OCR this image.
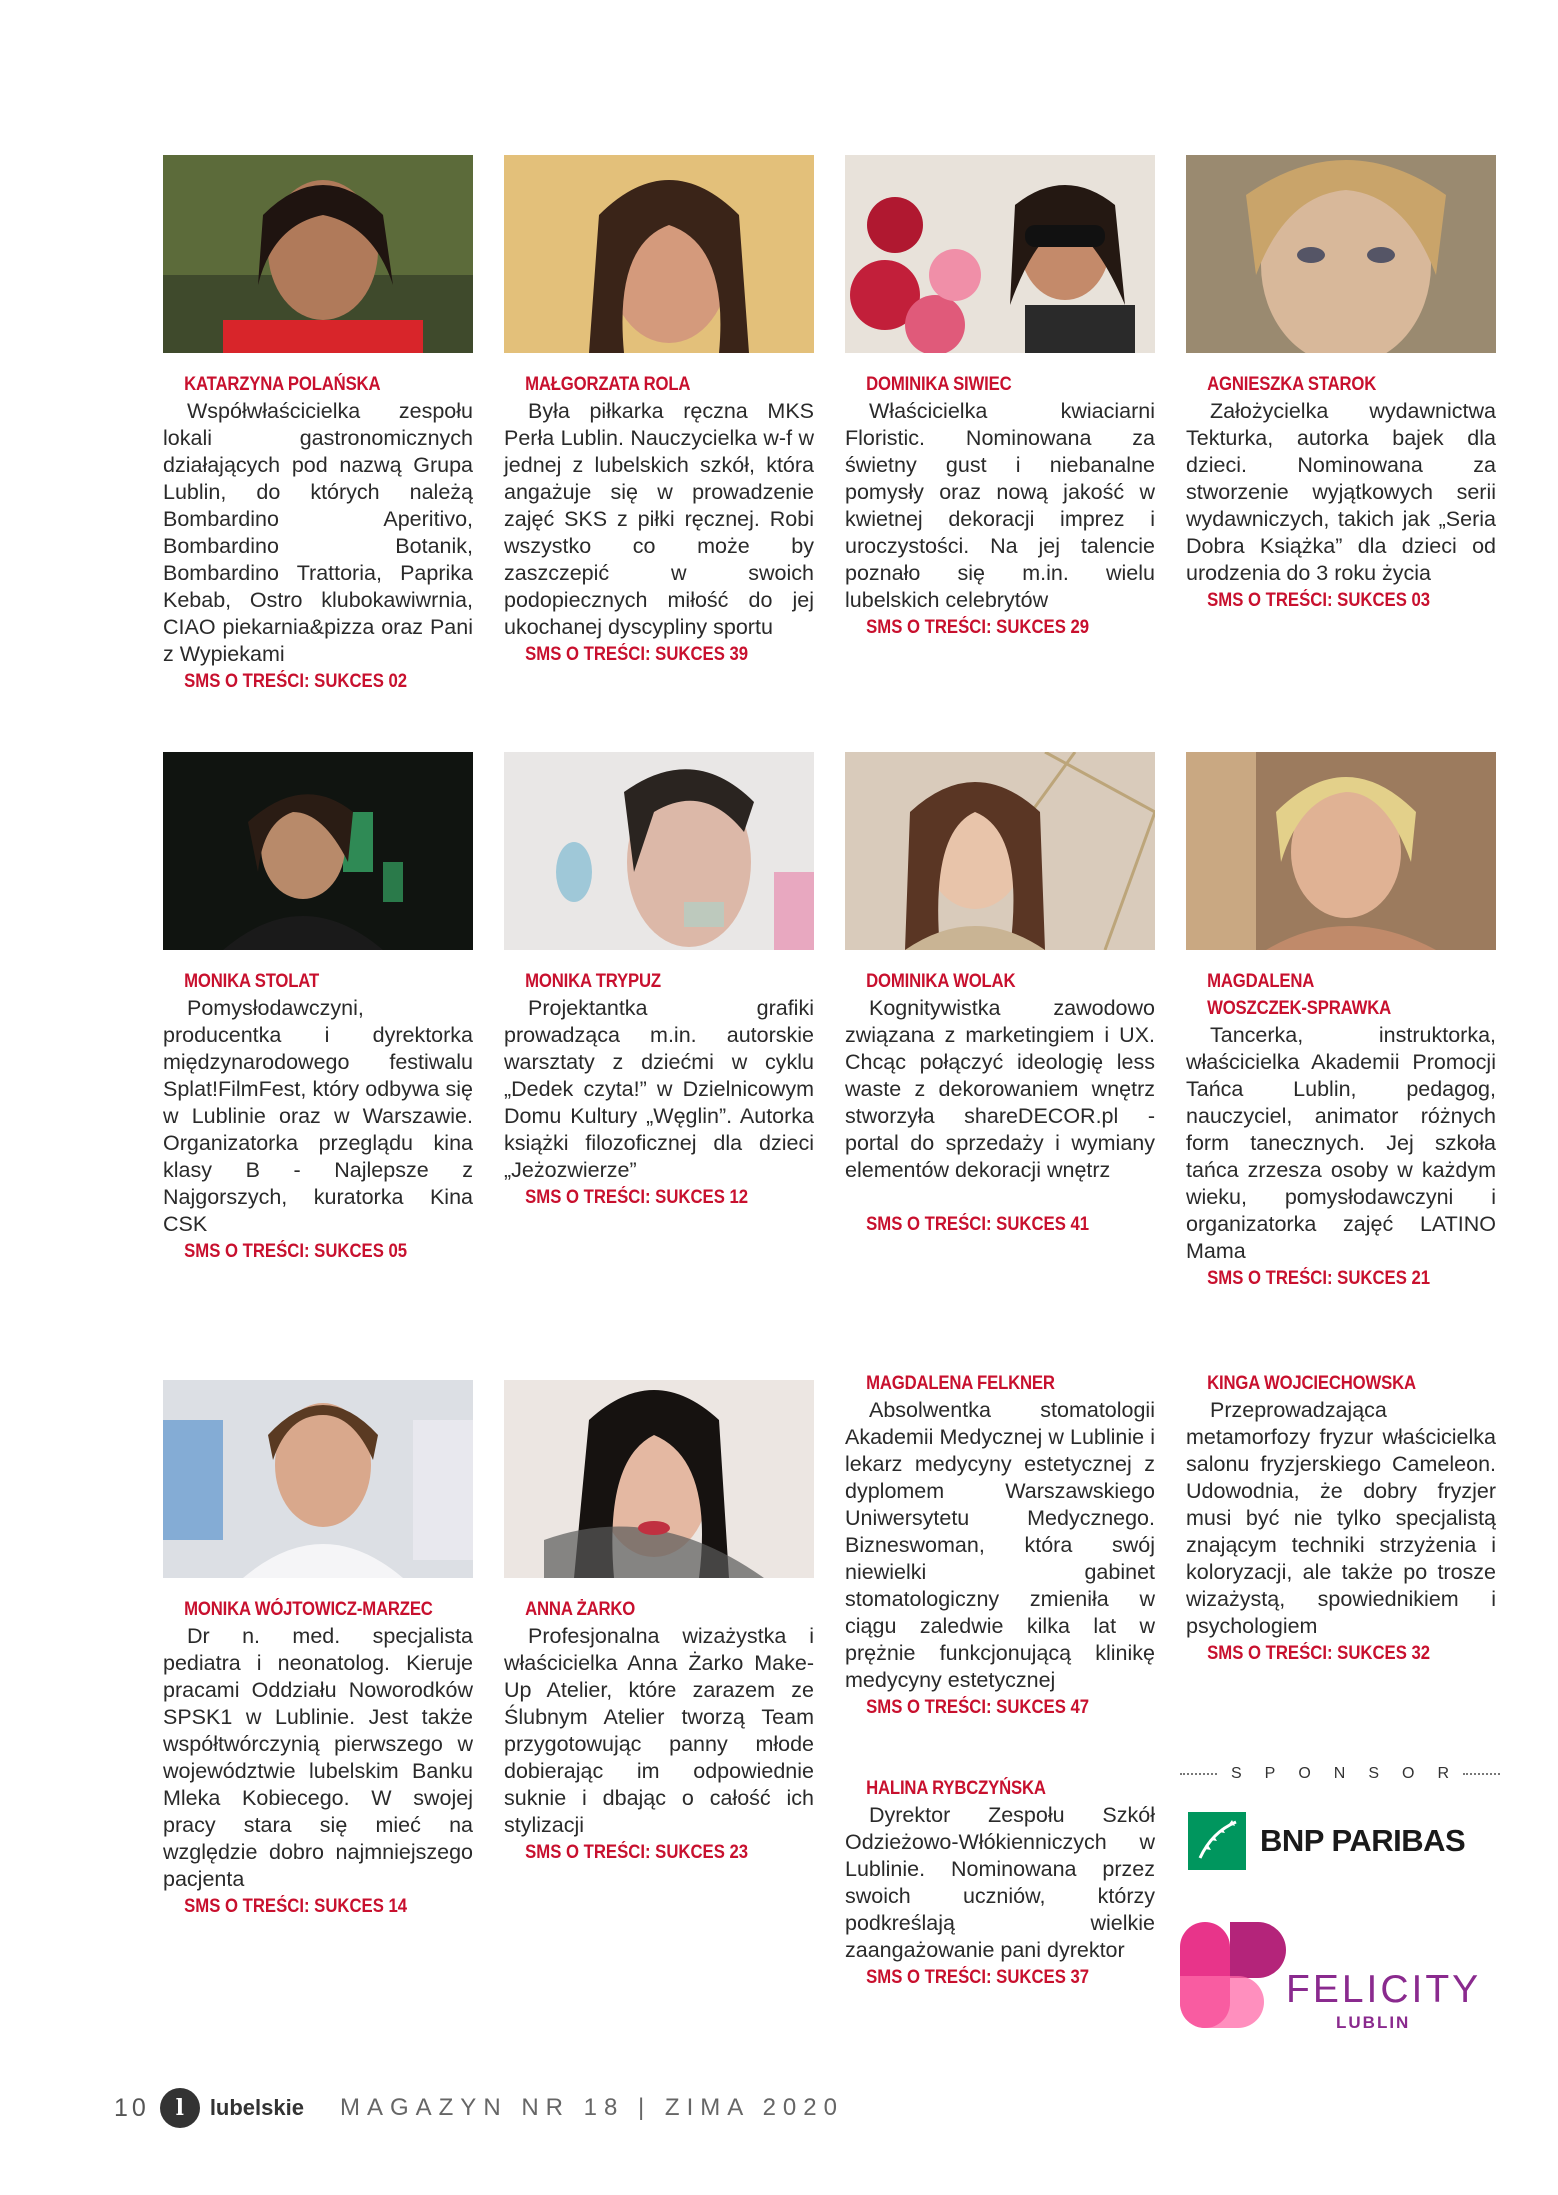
KATARZYNA POLAŃSKA

Współwłaścicielka zespołu lokali gastronomicznych działających pod nazwą Grupa Lublin, do których należą Bombardino Aperitivo, Bombardino Botanik, Bombardino Trattoria, Paprika Kebab, Ostro klubokawiwrnia, CIAO piekarnia&pizza oraz Pani z Wypiekami

SMS O TREŚCI: SUKCES 02
MAŁGORZATA ROLA

Była piłkarka ręczna MKS Perła Lublin. Nauczycielka w-f w jednej z lubelskich szkół, która angażuje się w prowadzenie zajęć SKS z piłki ręcznej. Robi wszystko co może by zaszczepić w swoich podopiecznych miłość do jej ukochanej dyscypliny sportu

SMS O TREŚCI: SUKCES 39
DOMINIKA SIWIEC

Właścicielka kwiaciarni Floristic. Nominowana za świetny gust i niebanalne pomysły oraz nową jakość w kwietnej dekoracji imprez i uroczystości. Na jej talencie poznało się m.in. wielu lubelskich celebrytów

SMS O TREŚCI: SUKCES 29
AGNIESZKA STAROK

Założycielka wydawnictwa Tekturka, autorka bajek dla dzieci. Nominowana za stworzenie wyjątkowych serii wydawniczych, takich jak „Seria Dobra Książka” dla dzieci od urodzenia do 3 roku życia

SMS O TREŚCI: SUKCES 03
MONIKA STOLAT

Pomysłodawczyni, producentka i dyrektorka międzynarodowego festiwalu Splat!FilmFest, który odbywa się w Lublinie oraz w Warszawie. Organizatorka przeglądu kina klasy B - Najlepsze z Najgorszych, kuratorka Kina CSK

SMS O TREŚCI: SUKCES 05
MONIKA TRYPUZ

Projektantka grafiki prowadząca m.in. autorskie warsztaty z dziećmi w cyklu „Dedek czyta!” w Dzielnicowym Domu Kultury „Węglin”. Autorka książki filozoficznej dla dzieci „Jeżozwierze”

SMS O TREŚCI: SUKCES 12
DOMINIKA WOLAK

Kognitywistka zawodowo związana z marketingiem i UX. Chcąc połączyć ideologię less waste z dekorowaniem wnętrz stworzyła shareDECOR.pl - portal do sprzedaży i wymiany elementów dekoracji wnętrz

SMS O TREŚCI: SUKCES 41
MAGDALENA
WOSZCZEK-SPRAWKA

Tancerka, instruktorka, właścicielka Akademii Promocji Tańca Lublin, pedagog, nauczyciel, animator różnych form tanecznych. Jej szkoła tańca zrzesza osoby w każdym wieku, pomysłodawczyni i organizatorka zajęć LATINO Mama

SMS O TREŚCI: SUKCES 21
MONIKA WÓJTOWICZ-MARZEC

Dr n. med. specjalista pediatra i neonatolog. Kieruje pracami Oddziału Noworodków SPSK1 w Lublinie. Jest także współtwórczynią pierwszego w województwie lubelskim Banku Mleka Kobiecego. W swojej pracy stara się mieć na względzie dobro najmniejszego pacjenta

SMS O TREŚCI: SUKCES 14
ANNA ŻARKO

Profesjonalna wizażystka i właścicielka Anna Żarko Make-Up Atelier, które zarazem ze Ślubnym Atelier tworzą Team przygotowując panny młode dobierając im odpowiednie suknie i dbając o całość ich stylizacji

SMS O TREŚCI: SUKCES 23
MAGDALENA FELKNER

Absolwentka stomatologii Akademii Medycznej w Lublinie i lekarz medycyny estetycznej z dyplomem Warszawskiego Uniwersytetu Medycznego. Bizneswoman, która swój niewielki gabinet stomatologiczny zmieniła w ciągu zaledwie kilka lat w prężnie funkcjonującą klinikę medycyny estetycznej

SMS O TREŚCI: SUKCES 47
KINGA WOJCIECHOWSKA

Przeprowadzająca metamorfozy fryzur właścicielka salonu fryzjerskiego Cameleon. Udowodnia, że dobry fryzjer musi być nie tylko specjalistą znającym techniki strzyżenia i koloryzacji, ale także po trosze wizażystą, spowiednikiem i psychologiem

SMS O TREŚCI: SUKCES 32
HALINA RYBCZYŃSKA

Dyrektor Zespołu Szkół Odzieżowo-Włókienniczych w Lublinie. Nominowana przez swoich uczniów, którzy podkreślają wielkie zaangażowanie pani dyrektor

SMS O TREŚCI: SUKCES 37
SPONSOR
BNP PARIBAS
FELICITY
LUBLIN
10	l	lubelskie MAGAZYN NR 18 | ZIMA 2020
